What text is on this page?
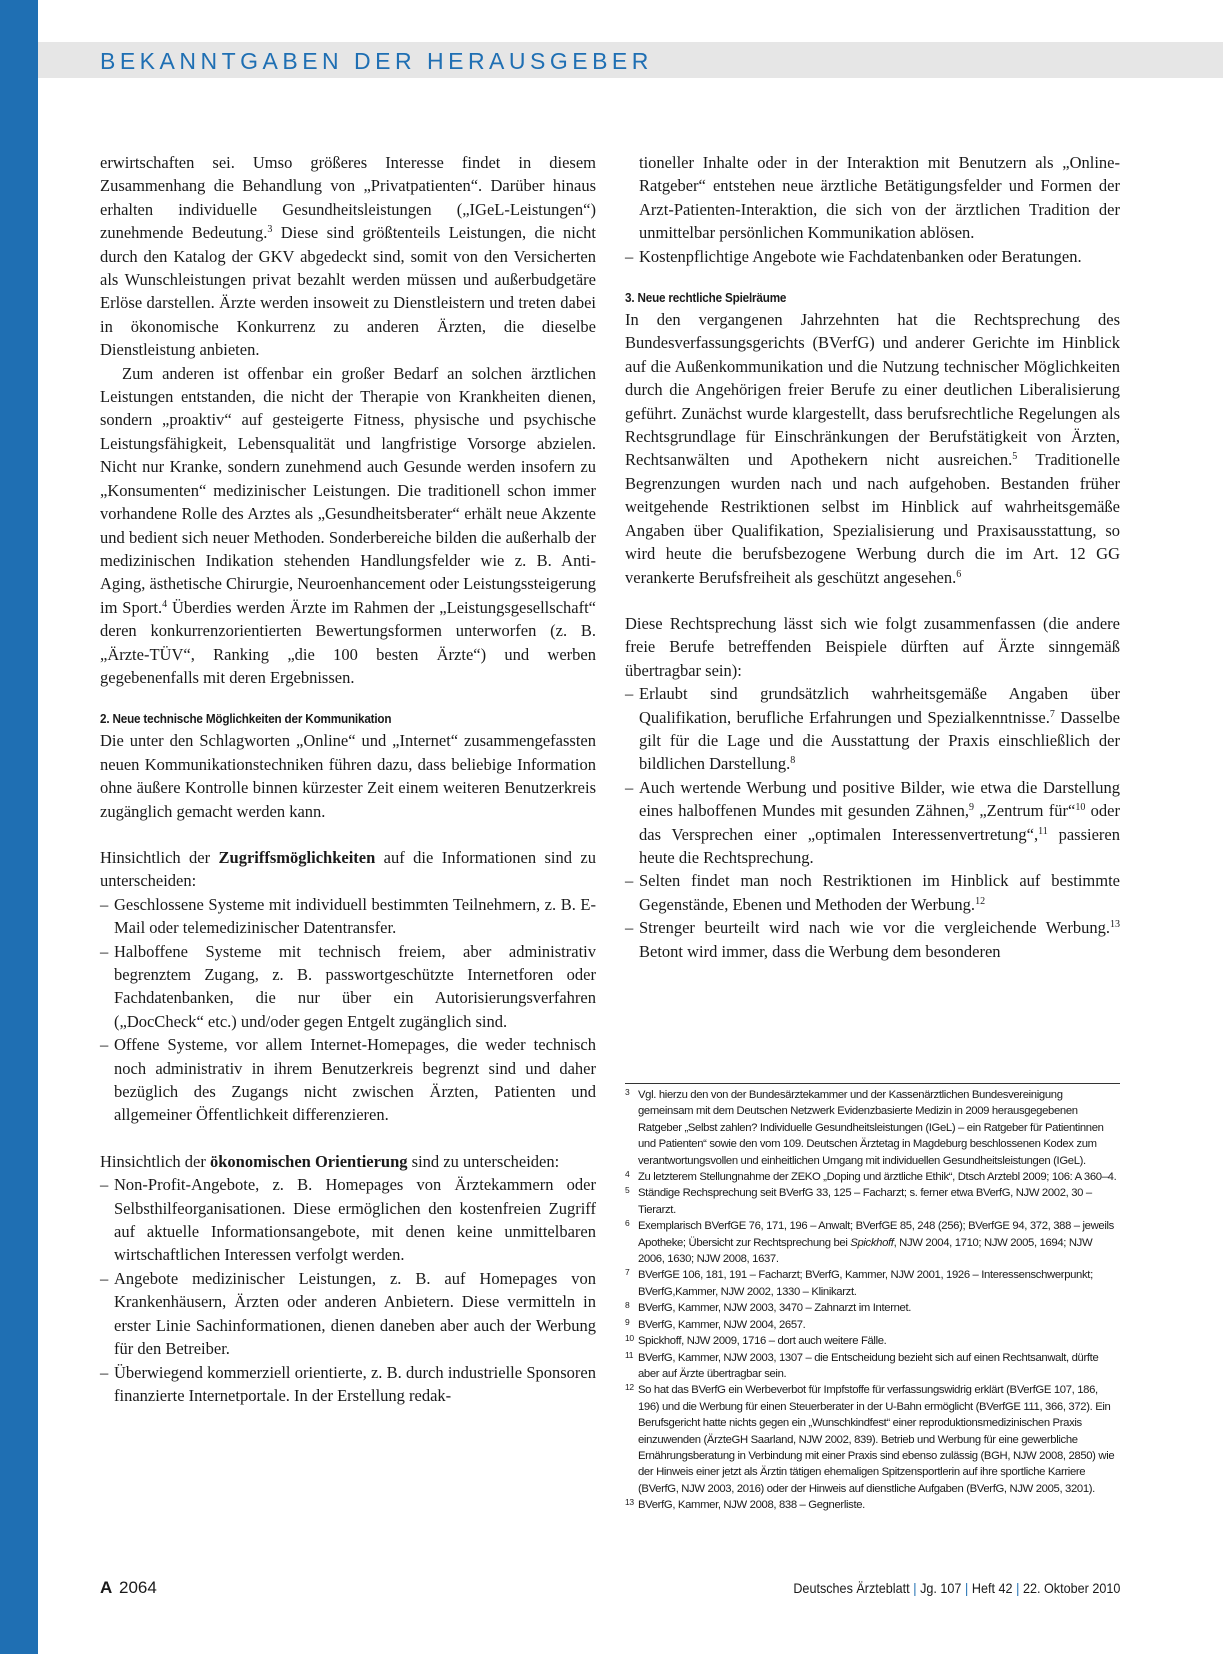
BEKANNTGABEN DER HERAUSGEBER

erwirtschaften sei. Umso größeres Interesse findet in diesem Zusammenhang die Behandlung von „Privatpatienten“. Darüber hinaus erhalten individuelle Gesundheitsleistungen („IGeL-Leistungen“) zunehmende Bedeutung.$^3$ Diese sind größtenteils Leistungen, die nicht durch den Katalog der GKV abgedeckt sind, somit von den Versicherten als Wunschleistungen privat bezahlt werden müssen und außerbudgetäre Erlöse darstellen. Ärzte werden insoweit zu Dienstleistern und treten dabei in ökonomische Konkurrenz zu anderen Ärzten, die dieselbe Dienstleistung anbieten.

Zum anderen ist offenbar ein großer Bedarf an solchen ärztlichen Leistungen entstanden, die nicht der Therapie von Krankheiten dienen, sondern „proaktiv“ auf gesteigerte Fitness, physische und psychische Leistungsfähigkeit, Lebensqualität und langfristige Vorsorge abzielen. Nicht nur Kranke, sondern zunehmend auch Gesunde werden insofern zu „Konsumenten“ medizinischer Leistungen. Die traditionell schon immer vorhandene Rolle des Arztes als „Gesundheitsberater“ erhält neue Akzente und bedient sich neuer Methoden. Sonderbereiche bilden die außerhalb der medizinischen Indikation stehenden Handlungsfelder wie z. B. Anti-Aging, ästhetische Chirurgie, Neuroenhancement oder Leistungssteigerung im Sport.$^4$ Überdies werden Ärzte im Rahmen der „Leistungsgesellschaft“ deren konkurrenzorientierten Bewertungsformen unterworfen (z. B. „Ärzte-TÜV“, Ranking „die 100 besten Ärzte“) und werben gegebenenfalls mit deren Ergebnissen.

2. Neue technische Möglichkeiten der Kommunikation

Die unter den Schlagworten „Online“ und „Internet“ zusammengefassten neuen Kommunikationstechniken führen dazu, dass beliebige Information ohne äußere Kontrolle binnen kürzester Zeit einem weiteren Benutzerkreis zugänglich gemacht werden kann.

Hinsichtlich der Zugriffsmöglichkeiten auf die Informationen sind zu unterscheiden:

– Geschlossene Systeme mit individuell bestimmten Teilnehmern, z. B. E-Mail oder telemedizinischer Datentransfer.
– Halboffene Systeme mit technisch freiem, aber administrativ begrenztem Zugang, z. B. passwortgeschützte Internetforen oder Fachdatenbanken, die nur über ein Autorisierungsverfahren („DocCheck“ etc.) und/oder gegen Entgelt zugänglich sind.
– Offene Systeme, vor allem Internet-Homepages, die weder technisch noch administrativ in ihrem Benutzerkreis begrenzt sind und daher bezüglich des Zugangs nicht zwischen Ärzten, Patienten und allgemeiner Öffentlichkeit differenzieren.

Hinsichtlich der ökonomischen Orientierung sind zu unterscheiden:

– Non-Profit-Angebote, z. B. Homepages von Ärztekammern oder Selbsthilfeorganisationen. Diese ermöglichen den kostenfreien Zugriff auf aktuelle Informationsangebote, mit denen keine unmittelbaren wirtschaftlichen Interessen verfolgt werden.
– Angebote medizinischer Leistungen, z. B. auf Homepages von Krankenhäusern, Ärzten oder anderen Anbietern. Diese vermitteln in erster Linie Sachinformationen, dienen daneben aber auch der Werbung für den Betreiber.
– Überwiegend kommerziell orientierte, z. B. durch industrielle Sponsoren finanzierte Internetportale. In der Erstellung redak-

tioneller Inhalte oder in der Interaktion mit Benutzern als „Online-Ratgeber“ entstehen neue ärztliche Betätigungsfelder und Formen der Arzt-Patienten-Interaktion, die sich von der ärztlichen Tradition der unmittelbar persönlichen Kommunikation ablösen.

– Kostenpflichtige Angebote wie Fachdatenbanken oder Beratungen.
3. Neue rechtliche Spielräume

In den vergangenen Jahrzehnten hat die Rechtsprechung des Bundesverfassungsgerichts (BVerfG) und anderer Gerichte im Hinblick auf die Außenkommunikation und die Nutzung technischer Möglichkeiten durch die Angehörigen freier Berufe zu einer deutlichen Liberalisierung geführt. Zunächst wurde klargestellt, dass berufsrechtliche Regelungen als Rechtsgrundlage für Einschränkungen der Berufstätigkeit von Ärzten, Rechtsanwälten und Apothekern nicht ausreichen.$^5$ Traditionelle Begrenzungen wurden nach und nach aufgehoben. Bestanden früher weitgehende Restriktionen selbst im Hinblick auf wahrheitsgemäße Angaben über Qualifikation, Spezialisierung und Praxisausstattung, so wird heute die berufsbezogene Werbung durch die im Art. 12 GG verankerte Berufsfreiheit als geschützt angesehen.$^6$

Diese Rechtsprechung lässt sich wie folgt zusammenfassen (die andere freie Berufe betreffenden Beispiele dürften auf Ärzte sinngemäß übertragbar sein):

– Erlaubt sind grundsätzlich wahrheitsgemäße Angaben über Qualifikation, berufliche Erfahrungen und Spezialkenntnisse.$^7$ Dasselbe gilt für die Lage und die Ausstattung der Praxis einschließlich der bildlichen Darstellung.$^8$
– Auch wertende Werbung und positive Bilder, wie etwa die Darstellung eines halboffenen Mundes mit gesunden Zähnen,$^9$ „Zentrum für“$^{10}$ oder das Versprechen einer „optimalen Interessenvertretung“,$^{11}$ passieren heute die Rechtsprechung.
– Selten findet man noch Restriktionen im Hinblick auf bestimmte Gegenstände, Ebenen und Methoden der Werbung.$^{12}$
– Strenger beurteilt wird nach wie vor die vergleichende Werbung.$^{13}$ Betont wird immer, dass die Werbung dem besonderen
3 Vgl. hierzu den von der Bundesärztekammer und der Kassenärztlichen Bundesvereinigung gemeinsam mit dem Deutschen Netzwerk Evidenzbasierte Medizin in 2009 herausgegebenen Ratgeber „Selbst zahlen? Individuelle Gesundheitsleistungen (IGeL) – ein Ratgeber für Patientinnen und Patienten“ sowie den vom 109. Deutschen Ärztetag in Magdeburg beschlossenen Kodex zum verantwortungsvollen und einheitlichen Umgang mit individuellen Gesundheitsleistungen (IGeL).
4 Zu letzterem Stellungnahme der ZEKO „Doping und ärztliche Ethik“, Dtsch Arztebl 2009; 106: A 360–4.
5 Ständige Rechsprechung seit BVerfG 33, 125 – Facharzt; s. ferner etwa BVerfG, NJW 2002, 30 – Tierarzt.
6 Exemplarisch BVerfGE 76, 171, 196 – Anwalt; BVerfGE 85, 248 (256); BVerfGE 94, 372, 388 – jeweils Apotheke; Übersicht zur Rechtsprechung bei Spickhoff, NJW 2004, 1710; NJW 2005, 1694; NJW 2006, 1630; NJW 2008, 1637.
7 BVerfGE 106, 181, 191 – Facharzt; BVerfG, Kammer, NJW 2001, 1926 – Interessenschwerpunkt; BVerfG,Kammer, NJW 2002, 1330 – Klinikarzt.
8 BVerfG, Kammer, NJW 2003, 3470 – Zahnarzt im Internet.
9 BVerfG, Kammer, NJW 2004, 2657.
10 Spickhoff, NJW 2009, 1716 – dort auch weitere Fälle.
11 BVerfG, Kammer, NJW 2003, 1307 – die Entscheidung bezieht sich auf einen Rechtsanwalt, dürfte aber auf Ärzte übertragbar sein.
12 So hat das BVerfG ein Werbeverbot für Impfstoffe für verfassungswidrig erklärt (BVerfGE 107, 186, 196) und die Werbung für einen Steuerberater in der U-Bahn ermöglicht (BVerfGE 111, 366, 372). Ein Berufsgericht hatte nichts gegen ein „Wunschkindfest“ einer reproduktionsmedizinischen Praxis einzuwenden (ÄrzteGH Saarland, NJW 2002, 839). Betrieb und Werbung für eine gewerbliche Ernährungsberatung in Verbindung mit einer Praxis sind ebenso zulässig (BGH, NJW 2008, 2850) wie der Hinweis einer jetzt als Ärztin tätigen ehemaligen Spitzensportlerin auf ihre sportliche Karriere (BVerfG, NJW 2003, 2016) oder der Hinweis auf dienstliche Aufgaben (BVerfG, NJW 2005, 3201).
13 BVerfG, Kammer, NJW 2008, 838 – Gegnerliste.
A 2064	Deutsches Ärzteblatt | Jg. 107 | Heft 42 | 22. Oktober 2010
